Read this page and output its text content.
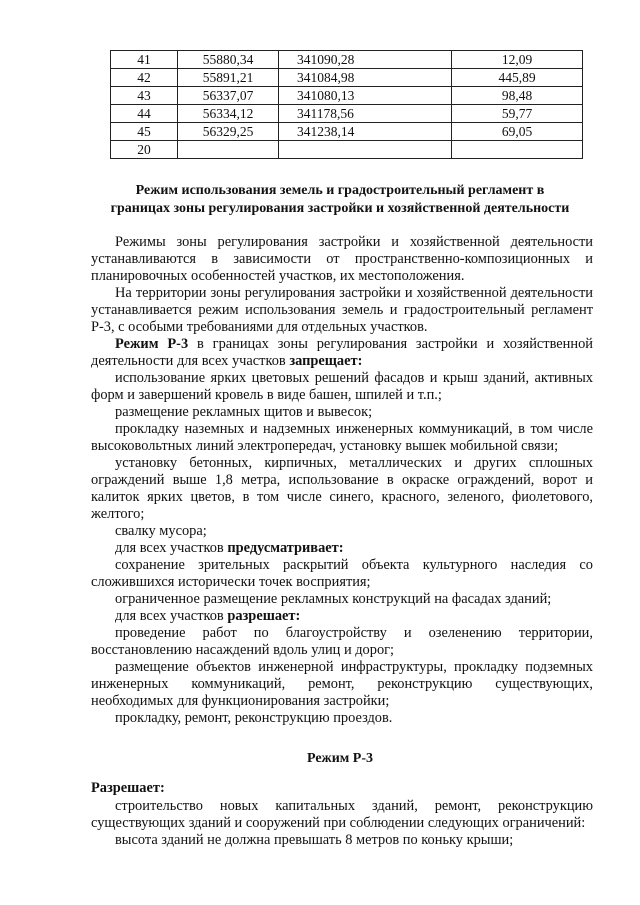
41	55880,34	341090,28	12,09
42	55891,21	341084,98	445,89
43	56337,07	341080,13	98,48
44	56334,12	341178,56	59,77
45	56329,25	341238,14	69,05
20			
Режим использования земель и градостроительный регламент в
границах зоны регулирования застройки и хозяйственной деятельности
Режимы зоны регулирования застройки и хозяйственной деятельности устанавливаются в зависимости от пространственно-композиционных и планировочных особенностей участков, их местоположения.
На территории зоны регулирования застройки и хозяйственной деятельности устанавливается режим использования земель и градостроительный регламент Р-3, с особыми требованиями для отдельных участков.
Режим Р-3 в границах зоны регулирования застройки и хозяйственной деятельности для всех участков запрещает:
использование ярких цветовых решений фасадов и крыш зданий, активных форм и завершений кровель в виде башен, шпилей и т.п.;
размещение рекламных щитов и вывесок;
прокладку наземных и надземных инженерных коммуникаций, в том числе высоковольтных линий электропередач, установку вышек мобильной связи;
установку бетонных, кирпичных, металлических и других сплошных ограждений выше 1,8 метра, использование в окраске ограждений, ворот и калиток ярких цветов, в том числе синего, красного, зеленого, фиолетового, желтого;
свалку мусора;
для всех участков предусматривает:
сохранение зрительных раскрытий объекта культурного наследия со сложившихся исторически точек восприятия;
ограниченное размещение рекламных конструкций на фасадах зданий;
для всех участков разрешает:
проведение работ по благоустройству и озеленению территории, восстановлению насаждений вдоль улиц и дорог;
размещение объектов инженерной инфраструктуры, прокладку подземных инженерных коммуникаций, ремонт, реконструкцию существующих, необходимых для функционирования застройки;
прокладку, ремонт, реконструкцию проездов.
Режим Р-3
Разрешает:
строительство новых капитальных зданий, ремонт, реконструкцию существующих зданий и сооружений при соблюдении следующих ограничений:
высота зданий не должна превышать 8 метров по коньку крыши;
